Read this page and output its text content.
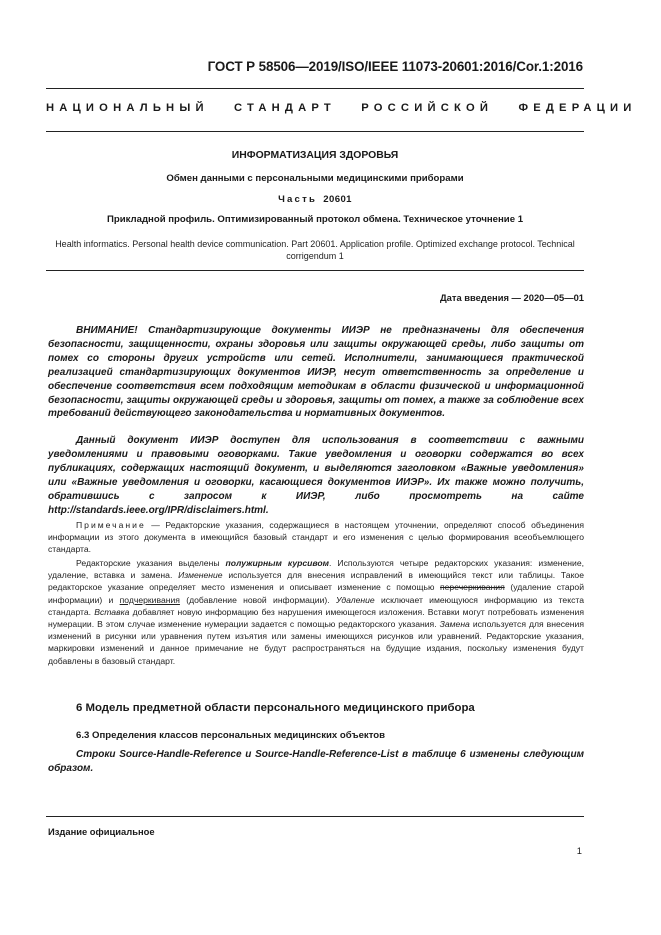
ГОСТ Р 58506—2019/ISO/IEEE 11073-20601:2016/Cor.1:2016
НАЦИОНАЛЬНЫЙ СТАНДАРТ РОССИЙСКОЙ ФЕДЕРАЦИИ
ИНФОРМАТИЗАЦИЯ ЗДОРОВЬЯ
Обмен данными с персональными медицинскими приборами
Часть 20601
Прикладной профиль. Оптимизированный протокол обмена. Техническое уточнение 1
Health informatics. Personal health device communication. Part 20601. Application profile. Optimized exchange protocol. Technical corrigendum 1
Дата введения — 2020—05—01

ВНИМАНИЕ! Стандартизирующие документы ИИЭР не предназначены для обеспечения безопасности, защищенности, охраны здоровья или защиты окружающей среды, либо защиты от помех со стороны других устройств или сетей. Исполнители, занимающиеся практической реализацией стандартизирующих документов ИИЭР, несут ответственность за определение и обеспечение соответствия всем подходящим методикам в области физической и информационной безопасности, защиты окружающей среды и здоровья, защиты от помех, а также за соблюдение всех требований действующего законодательства и нормативных документов.

Данный документ ИИЭР доступен для использования в соответствии с важными уведомлениями и правовыми оговорками. Такие уведомления и оговорки содержатся во всех публикациях, содержащих настоящий документ, и выделяются заголовком «Важные уведомления» или «Важные уведомления и оговорки, касающиеся документов ИИЭР». Их также можно получить, обратившись с запросом к ИИЭР, либо просмотреть на сайте http://standards.ieee.org/IPR/disclaimers.html.

Примечание — Редакторские указания, содержащиеся в настоящем уточнении, определяют способ объединения информации из этого документа в имеющийся базовый стандарт и его изменения с целью формирования всеобъемлющего стандарта.

Редакторские указания выделены полужирным курсивом. Используются четыре редакторских указания: изменение, удаление, вставка и замена. Изменение используется для внесения исправлений в имеющийся текст или таблицы. Такое редакторское указание определяет место изменения и описывает изменение с помощью перечеркивания (удаление старой информации) и подчеркивания (добавление новой информации). Удаление исключает имеющуюся информацию из текста стандарта. Вставка добавляет новую информацию без нарушения имеющегося изложения. Вставки могут потребовать изменения нумерации. В этом случае изменение нумерации задается с помощью редакторского указания. Замена используется для внесения изменений в рисунки или уравнения путем изъятия или замены имеющихся рисунков или уравнений. Редакторские указания, маркировки изменений и данное примечание не будут распространяться на будущие издания, поскольку изменения будут добавлены в базовый стандарт.

6 Модель предметной области персонального медицинского прибора
6.3 Определения классов персональных медицинских объектов

Строки Source-Handle-Reference и Source-Handle-Reference-List в таблице 6 изменены следующим образом.

Издание официальное
1
